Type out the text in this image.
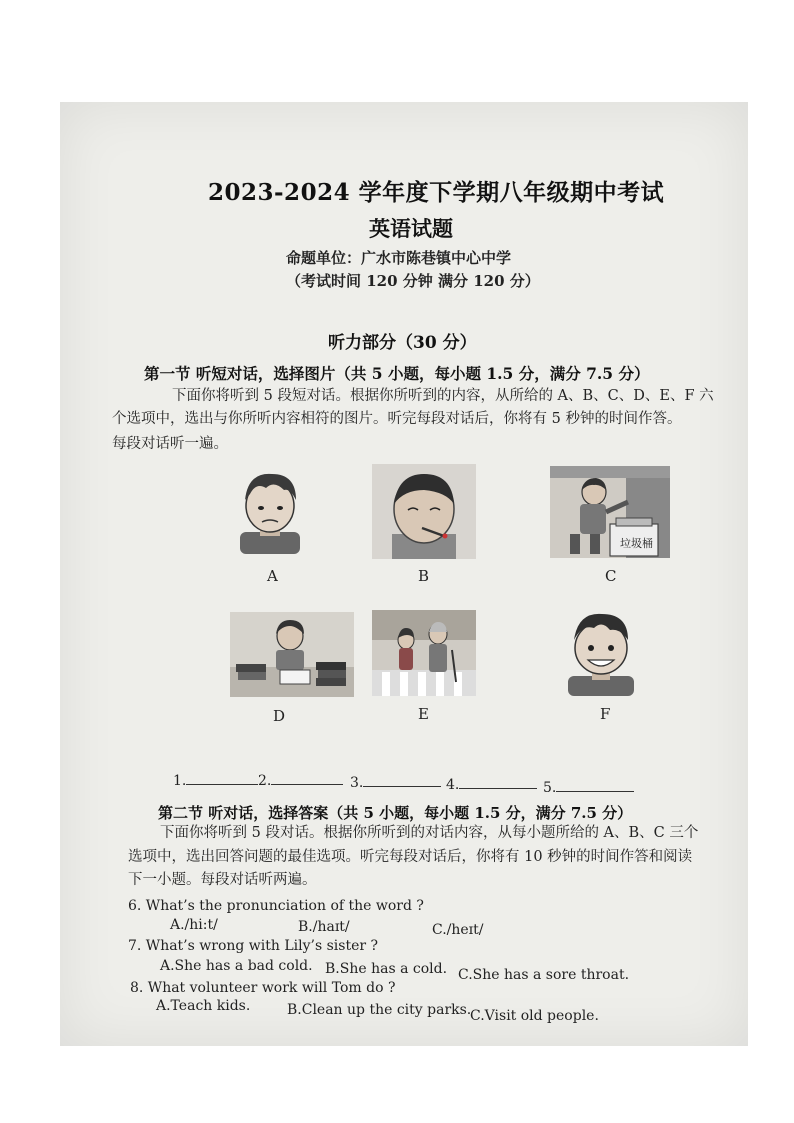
2023-2024 学年度下学期八年级期中考试
英语试题
命题单位：广水市陈巷镇中心中学
（考试时间 120 分钟 满分 120 分）
听力部分（30 分）
第一节 听短对话，选择图片（共 5 小题，每小题 1.5 分，满分 7.5 分）
下面你将听到 5 段短对话。根据你所听到的内容，从所给的 A、B、C、D、E、F 六
个选项中，选出与你所听内容相符的图片。听完每段对话后，你将有 5 秒钟的时间作答。
每段对话听一遍。
A	B
垃圾桶
C
D	E	F
1.	2.	3.	4.	5.
第二节 听对话，选择答案（共 5 小题，每小题 1.5 分，满分 7.5 分）
下面你将听到 5 段对话。根据你所听到的对话内容，从每小题所给的 A、B、C 三个
选项中，选出回答问题的最佳选项。听完每段对话后，你将有 10 秒钟的时间作答和阅读
下一小题。每段对话听两遍。
6. What’s the pronunciation of the word ?
A./hi:t/	B./haɪt/	C./heɪt/
7. What’s wrong with Lily’s sister ?
A.She has a bad cold. B.She has a cold. C.She has a sore throat.
8. What volunteer work will Tom do ?
A.Teach kids.	B.Clean up the city parks.
C.Visit old people.
